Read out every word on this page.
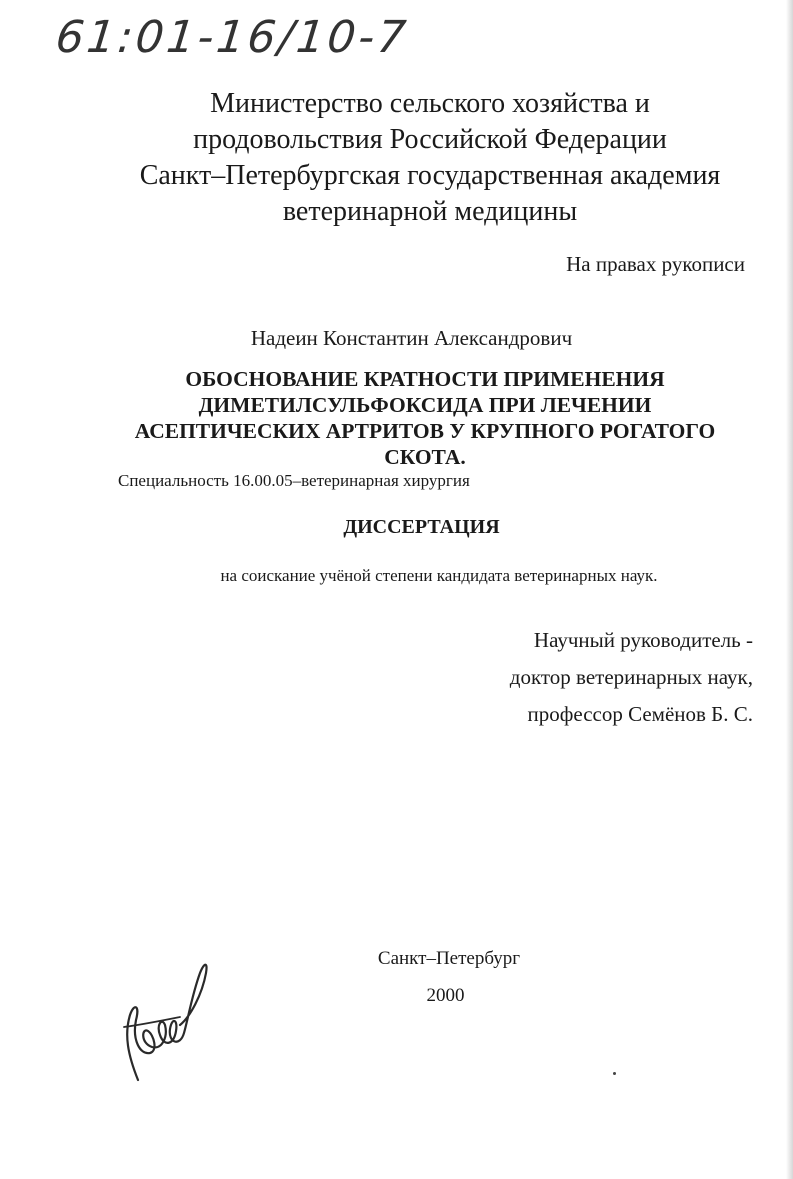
61:01-16/10-7
Министерство сельского хозяйства и
продовольствия Российской Федерации
Санкт–Петербургская государственная академия
ветеринарной медицины
На правах рукописи
Надеин Константин Александрович
ОБОСНОВАНИЕ КРАТНОСТИ ПРИМЕНЕНИЯ
ДИМЕТИЛСУЛЬФОКСИДА ПРИ ЛЕЧЕНИИ
АСЕПТИЧЕСКИХ АРТРИТОВ У КРУПНОГО РОГАТОГО
СКОТА.
Специальность 16.00.05–ветеринарная хирургия
ДИССЕРТАЦИЯ
на соискание учёной степени кандидата ветеринарных наук.
Научный руководитель -
доктор ветеринарных наук,
профессор Семёнов Б. С.
Санкт–Петербург
2000
